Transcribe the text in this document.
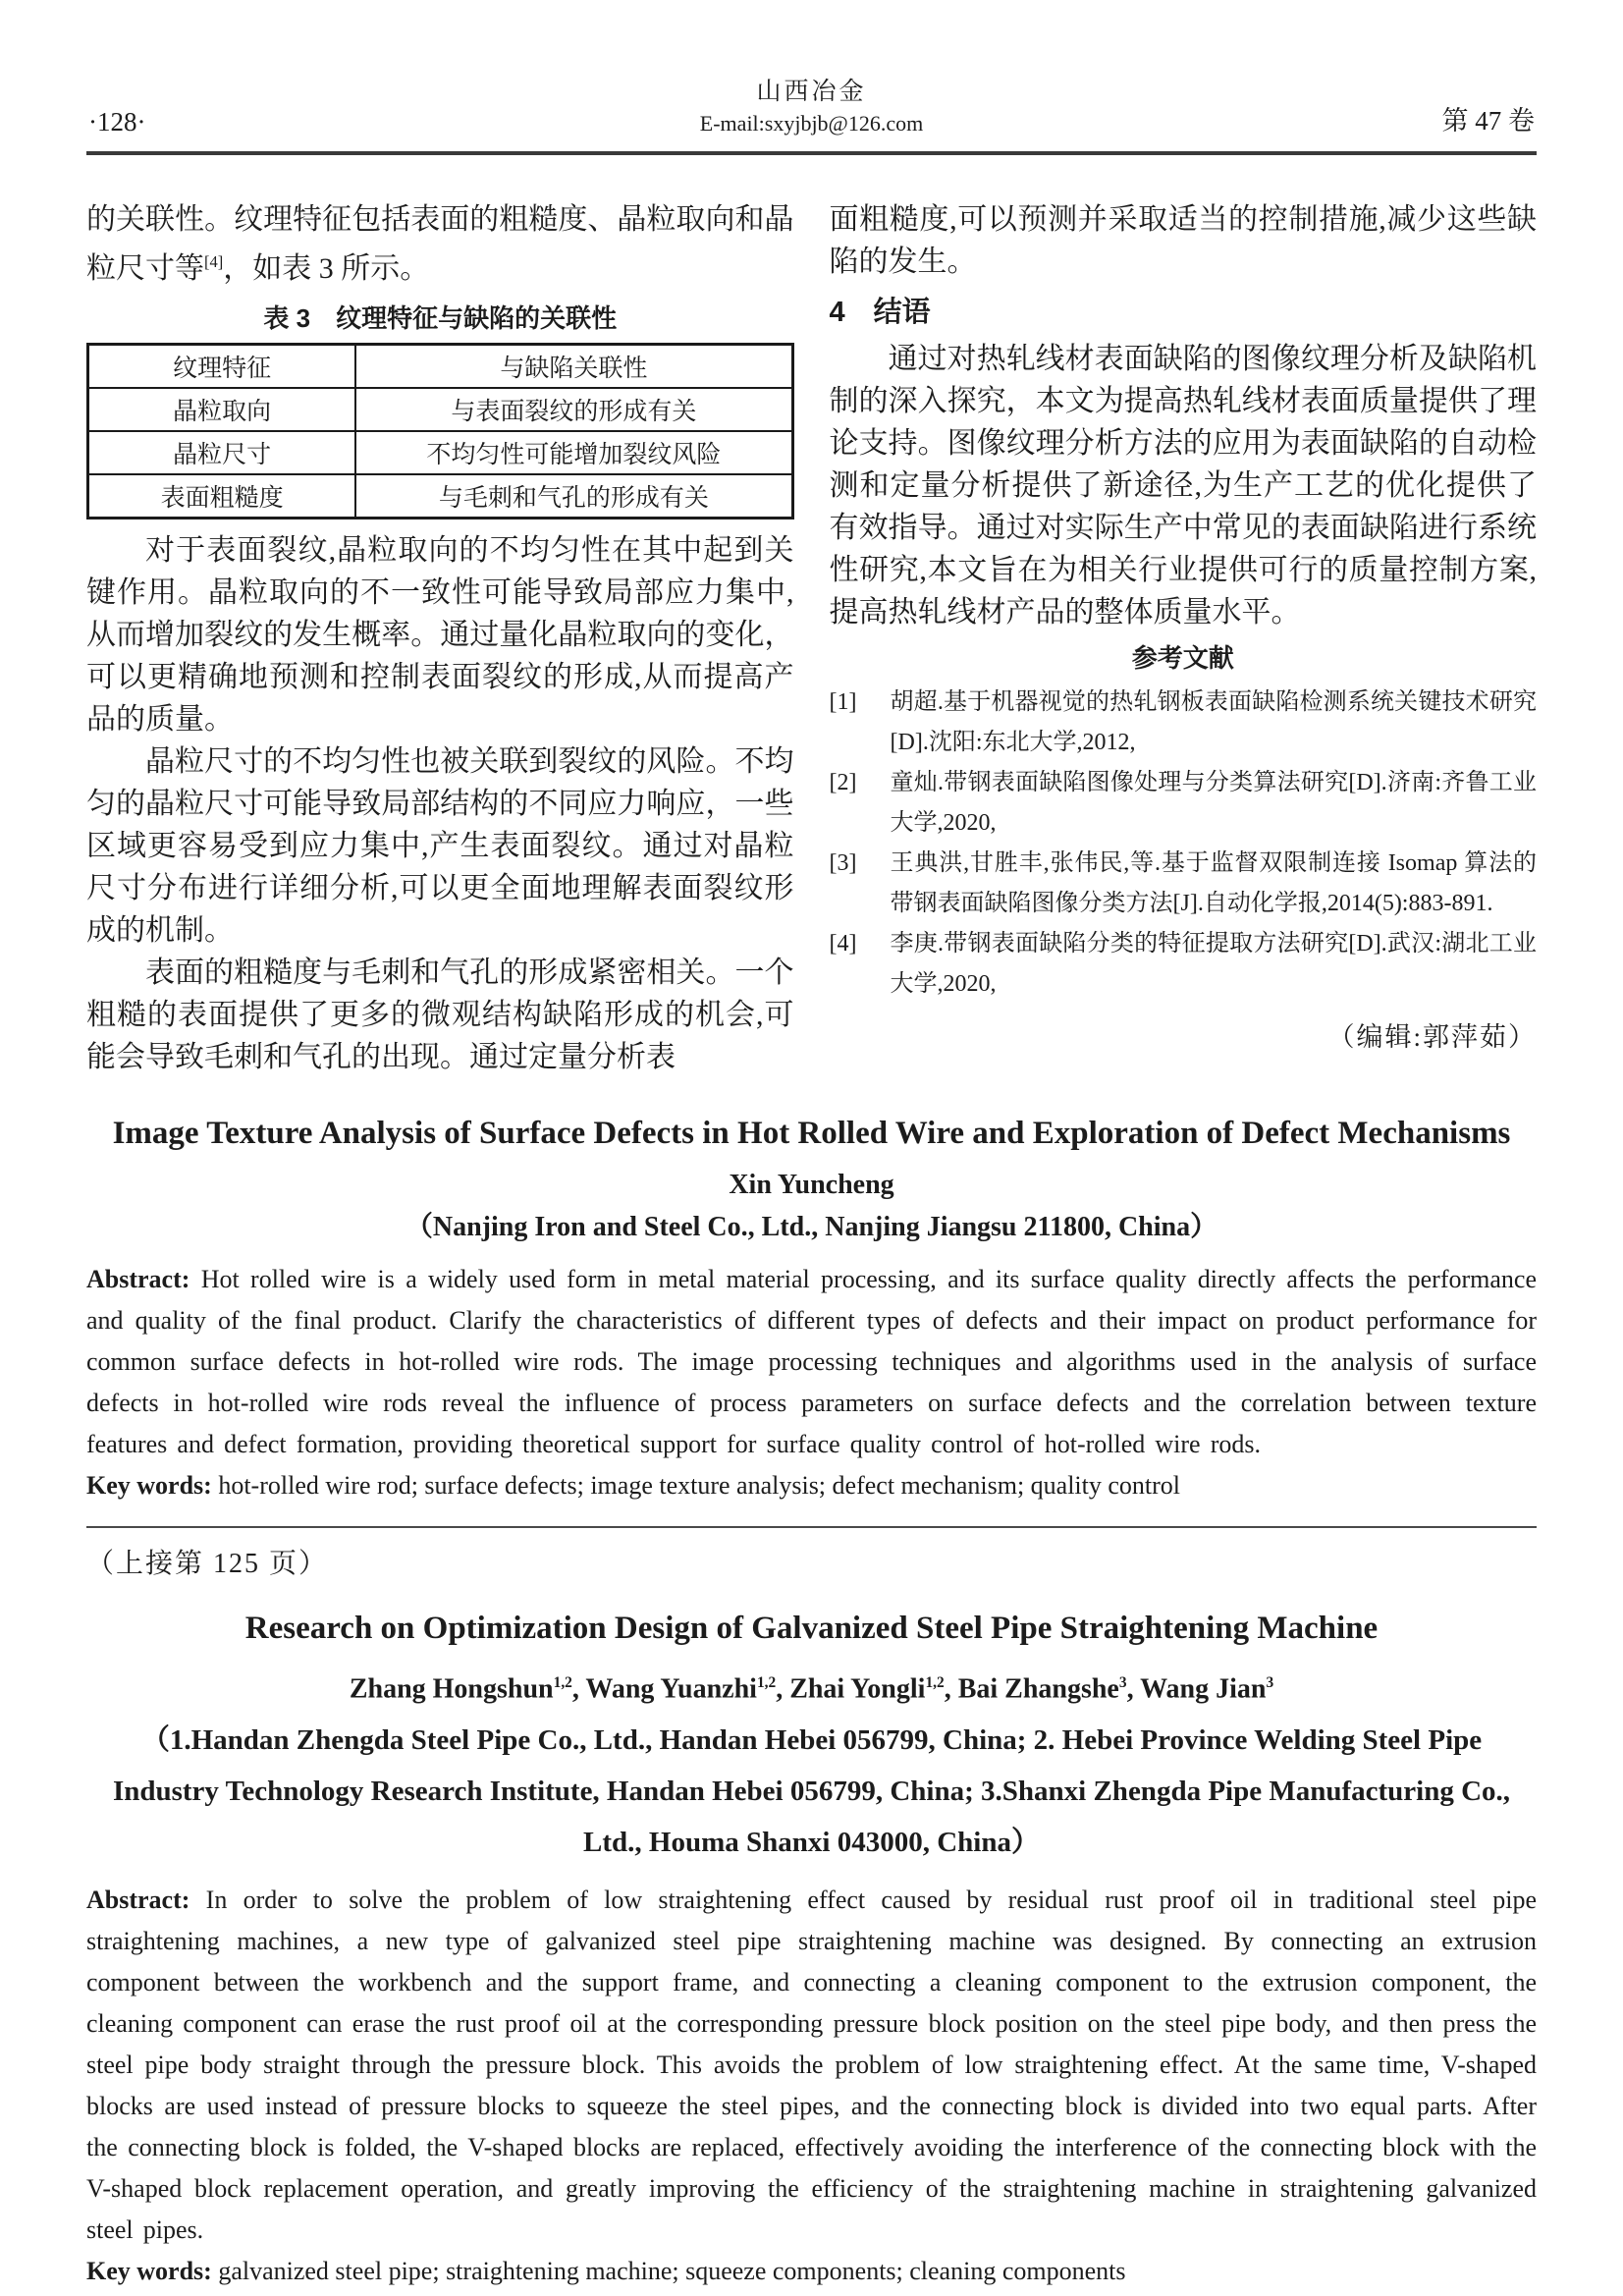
·128·
山西冶金
E-mail:sxyjbjb@126.com	第 47 卷

的关联性。纹理特征包括表面的粗糙度、晶粒取向和晶粒尺寸等[4]，如表 3 所示。

表 3　纹理特征与缺陷的关联性
纹理特征	与缺陷关联性
晶粒取向	与表面裂纹的形成有关
晶粒尺寸	不均匀性可能增加裂纹风险
表面粗糙度	与毛刺和气孔的形成有关

对于表面裂纹,晶粒取向的不均匀性在其中起到关键作用。晶粒取向的不一致性可能导致局部应力集中,从而增加裂纹的发生概率。通过量化晶粒取向的变化，可以更精确地预测和控制表面裂纹的形成,从而提高产品的质量。

晶粒尺寸的不均匀性也被关联到裂纹的风险。不均匀的晶粒尺寸可能导致局部结构的不同应力响应，一些区域更容易受到应力集中,产生表面裂纹。通过对晶粒尺寸分布进行详细分析,可以更全面地理解表面裂纹形成的机制。

表面的粗糙度与毛刺和气孔的形成紧密相关。一个粗糙的表面提供了更多的微观结构缺陷形成的机会,可能会导致毛刺和气孔的出现。通过定量分析表

面粗糙度,可以预测并采取适当的控制措施,减少这些缺陷的发生。

4　结语

通过对热轧线材表面缺陷的图像纹理分析及缺陷机制的深入探究，本文为提高热轧线材表面质量提供了理论支持。图像纹理分析方法的应用为表面缺陷的自动检测和定量分析提供了新途径,为生产工艺的优化提供了有效指导。通过对实际生产中常见的表面缺陷进行系统性研究,本文旨在为相关行业提供可行的质量控制方案,提高热轧线材产品的整体质量水平。

参考文献
[1]	胡超.基于机器视觉的热轧钢板表面缺陷检测系统关键技术研究[D].沈阳:东北大学,2012,
[2]	童灿.带钢表面缺陷图像处理与分类算法研究[D].济南:齐鲁工业大学,2020,
[3]	王典洪,甘胜丰,张伟民,等.基于监督双限制连接 Isomap 算法的带钢表面缺陷图像分类方法[J].自动化学报,2014(5):883-891.
[4]	李庚.带钢表面缺陷分类的特征提取方法研究[D].武汉:湖北工业大学,2020,
（编辑:郭萍茹）

Image Texture Analysis of Surface Defects in Hot Rolled Wire and Exploration of Defect Mechanisms

Xin Yuncheng

（Nanjing Iron and Steel Co., Ltd., Nanjing Jiangsu 211800, China）

Abstract: Hot rolled wire is a widely used form in metal material processing, and its surface quality directly affects the performance and quality of the final product. Clarify the characteristics of different types of defects and their impact on product performance for common surface defects in hot-rolled wire rods. The image processing techniques and algorithms used in the analysis of surface defects in hot-rolled wire rods reveal the influence of process parameters on surface defects and the correlation between texture features and defect formation, providing theoretical support for surface quality control of hot-rolled wire rods.

Key words: hot-rolled wire rod; surface defects; image texture analysis; defect mechanism; quality control

（上接第 125 页）

Research on Optimization Design of Galvanized Steel Pipe Straightening Machine

Zhang Hongshun$^{1,2}$, Wang Yuanzhi$^{1,2}$, Zhai Yongli$^{1,2}$, Bai Zhangshe$^3$, Wang Jian$^3$

（1.Handan Zhengda Steel Pipe Co., Ltd., Handan Hebei 056799, China; 2. Hebei Province Welding Steel Pipe Industry Technology Research Institute, Handan Hebei 056799, China; 3.Shanxi Zhengda Pipe Manufacturing Co., Ltd., Houma Shanxi 043000, China）

Abstract: In order to solve the problem of low straightening effect caused by residual rust proof oil in traditional steel pipe straightening machines, a new type of galvanized steel pipe straightening machine was designed. By connecting an extrusion component between the workbench and the support frame, and connecting a cleaning component to the extrusion component, the cleaning component can erase the rust proof oil at the corresponding pressure block position on the steel pipe body, and then press the steel pipe body straight through the pressure block. This avoids the problem of low straightening effect. At the same time, V-shaped blocks are used instead of pressure blocks to squeeze the steel pipes, and the connecting block is divided into two equal parts. After the connecting block is folded, the V-shaped blocks are replaced, effectively avoiding the interference of the connecting block with the V-shaped block replacement operation, and greatly improving the efficiency of the straightening machine in straightening galvanized steel pipes.

Key words: galvanized steel pipe; straightening machine; squeeze components; cleaning components
